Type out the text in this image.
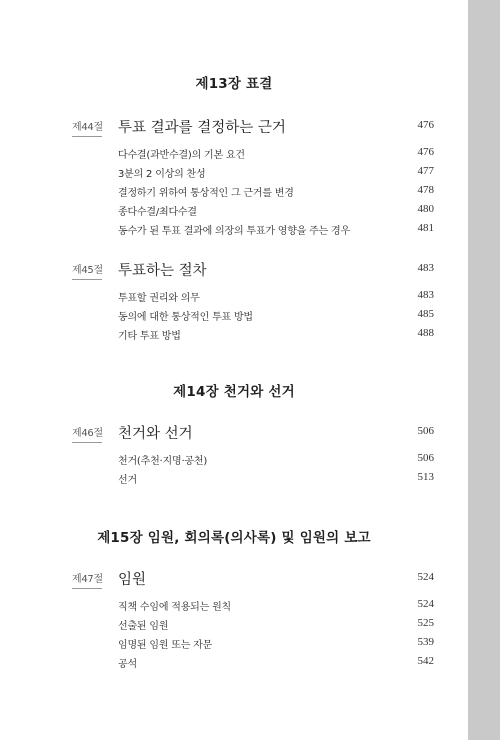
제13장 표결
제44절 투표 결과를 결정하는 근거	476
다수결(과반수결)의 기본 요건	476
3분의 2 이상의 찬성	477
결정하기 위하여 통상적인 그 근거를 변경	478
종다수결/최다수결	480
동수가 된 투표 결과에 의장의 투표가 영향을 주는 경우	481
제45절 투표하는 절차	483
투표할 권리와 의무	483
동의에 대한 통상적인 투표 방법	485
기타 투표 방법	488
제14장 천거와 선거
제46절 천거와 선거	506
천거(추천·지명·공천)	506
선거	513
제15장 임원, 회의록(의사록) 및 임원의 보고
제47절 임원	524
직책 수임에 적용되는 원칙	524
선출된 임원	525
임명된 임원 또는 자문	539
공석	542
